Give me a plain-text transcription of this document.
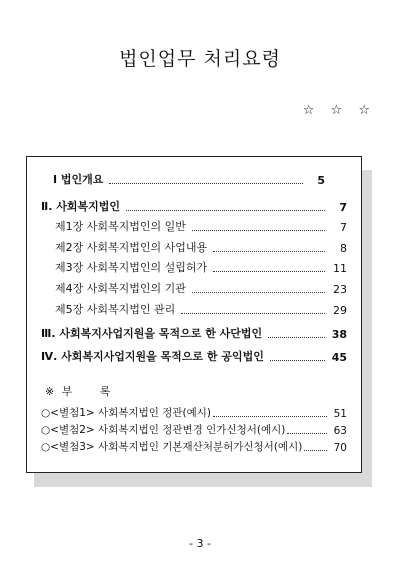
법인업무 처리요령
☆ ☆ ☆
Ⅰ 법인개요	5
Ⅱ. 사회복지법인	7
제1장 사회복지법인의 일반	7
제2장 사회복지법인의 사업내용	8
제3장 사회복지법인의 설립허가	11
제4장 사회복지법인의 기관	23
제5장 사회복지법인 관리	29
Ⅲ. 사회복지사업지원을 목적으로 한 사단법인	38
Ⅳ. 사회복지사업지원을 목적으로 한 공익법인	45
※ 부 록
○<별첨1> 사회복지법인 정관(예시)	51
○<별첨2> 사회복지법인 정관변경 인가신청서(예시)	63
○<별첨3> 사회복지법인 기본재산처분허가신청서(예시)	70
- 3 -
